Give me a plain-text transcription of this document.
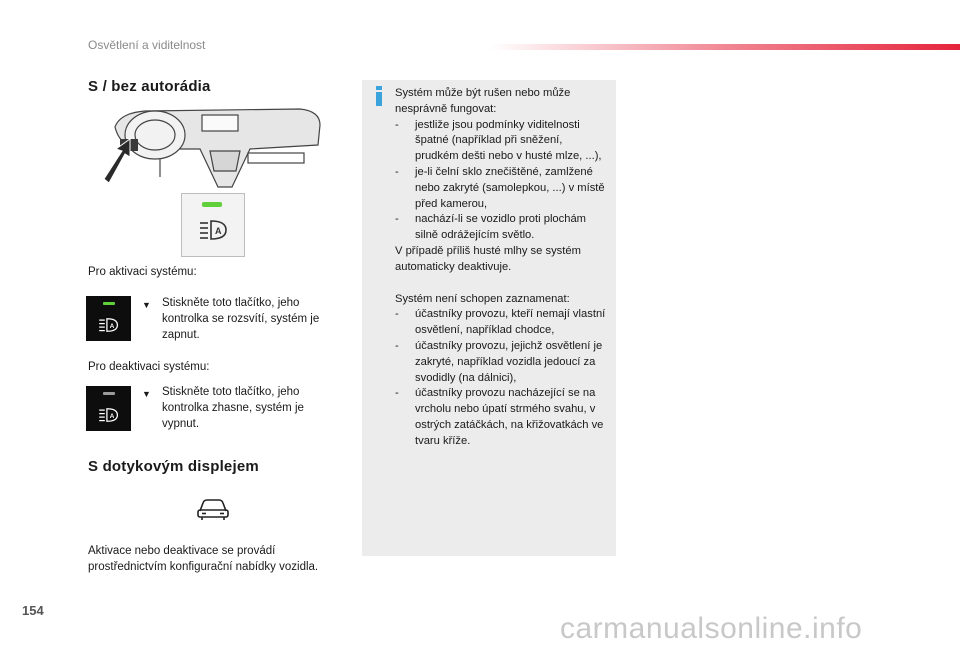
Osvětlení a viditelnost
S / bez autorádia
A
Pro aktivaci systému:
A
▼ Stiskněte toto tlačítko, jeho kontrolka se rozsvítí, systém je zapnut.
Pro deaktivaci systému:
A
▼ Stiskněte toto tlačítko, jeho kontrolka zhasne, systém je vypnut.
S dotykovým displejem
Aktivace nebo deaktivace se provádí prostřednictvím konfigurační nabídky vozidla.
Systém může být rušen nebo může nesprávně fungovat:
-	jestliže jsou podmínky viditelnosti špatné (například při sněžení, prudkém dešti nebo v husté mlze, ...),
-	je-li čelní sklo znečištěné, zamlžené nebo zakryté (samolepkou, ...) v místě před kamerou,
-	nachází-li se vozidlo proti plochám silně odrážejícím světlo.
V případě příliš husté mlhy se systém automaticky deaktivuje.
Systém není schopen zaznamenat:
-	účastníky provozu, kteří nemají vlastní osvětlení, například chodce,
-	účastníky provozu, jejichž osvětlení je zakryté, například vozidla jedoucí za svodidly (na dálnici),
-	účastníky provozu nacházející se na vrcholu nebo úpatí strmého svahu, v ostrých zatáčkách, na křižovatkách ve tvaru kříže.
154
carmanualsonline.info
